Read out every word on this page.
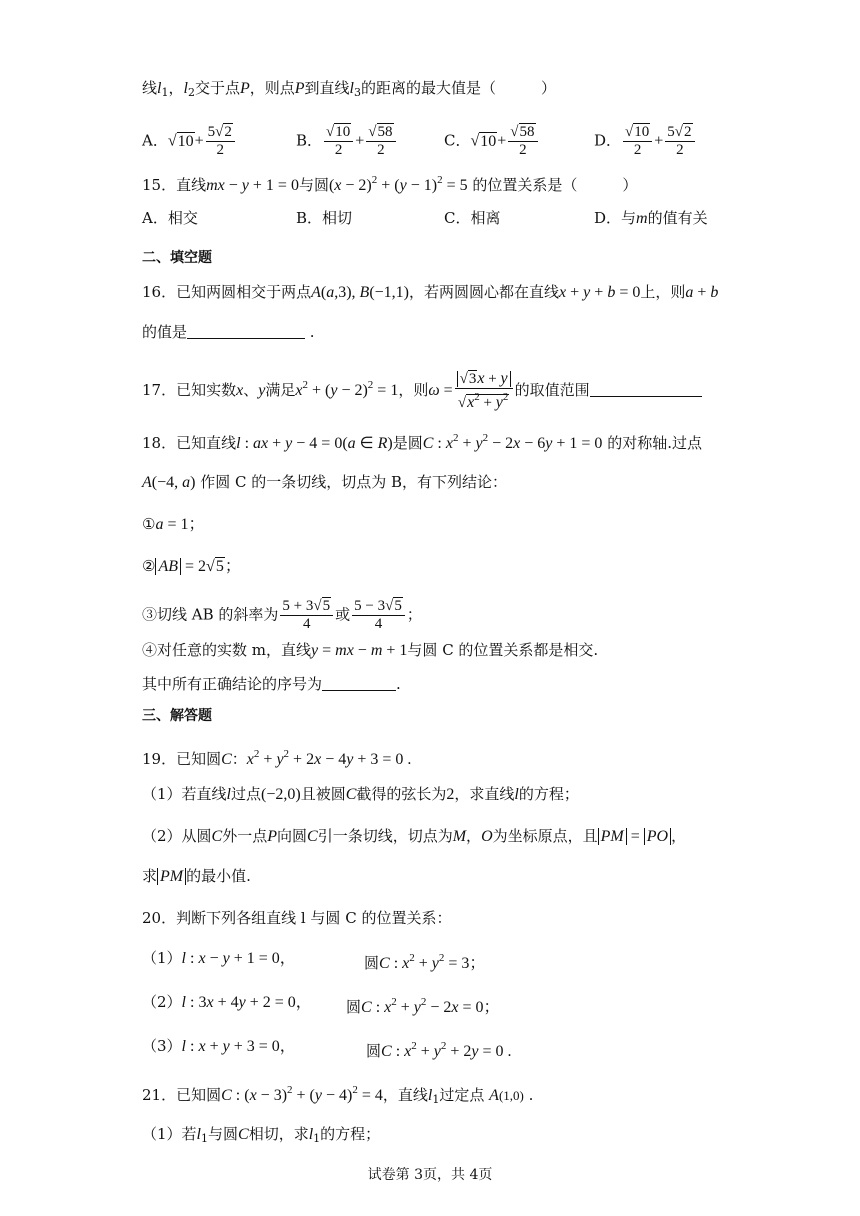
线$l_1$，$l_2$交于点P，则点P到直线$l_3$的距离的最大值是（　　　）
A．$√10+ \frac{5√2}{2}$	B． $\frac{√10}{2} + \frac{√58}{2}$	C．$√10+ \frac{√58}{2}$	D． $\frac{√10}{2} + \frac{5√2}{2}$
15．直线mx − y + 1 = 0与圆$(x - 2)^2 + (y - 1)^2 = 5$ 的位置关系是（　　　）
A．相交	B．相切	C．相离	D．与m的值有关
二、填空题
16．已知两圆相交于两点A(a,3), B(−1,1)，若两圆圆心都在直线x + y + b = 0上，则a + b
的值是	.
17．已知实数x、y满足$x^2 + (y - 2)^2 = 1$，则$\omega = \frac{√3x + y}{√x^2 + y^2}$ 的取值范围
18．已知直线l : ax + y − 4 = 0(a ∈ R)是圆C : $x^2 + y^2 - 2x - 6y + 1 = 0$ 的对称轴.过点
A(−4, a) 作圆 C 的一条切线，切点为 B，有下列结论：
①a = 1；
② AB = 2√5；
③切线 AB 的斜率为 $\frac{5 + 3√5}{4}$ 或 $\frac{5 - 3√5}{4}$ ；
④对任意的实数 m，直线y = mx − m + 1与圆 C 的位置关系都是相交.
其中所有正确结论的序号为	.
三、解答题
19．已知圆C：$x^2 + y^2 + 2x - 4y + 3 = 0$ .
（1）若直线l过点(−2,0)且被圆C截得的弦长为2，求直线l的方程；
（2）从圆C外一点P向圆C引一条切线，切点为M，O为坐标原点，且 PM = PO ，
求 PM 的最小值.
20．判断下列各组直线 l 与圆 C 的位置关系：
（1）l : x − y + 1 = 0，	圆C : $x^2 + y^2 = 3$；
（2）l : 3x + 4y + 2 = 0， 圆C : $x^2 + y^2 - 2x = 0$；
（3）l : x + y + 3 = 0，	圆C : $x^2 + y^2 + 2y = 0$ .
21．已知圆C : $(x - 3)^2 + (y - 4)^2 = 4$，直线$l_1$过定点 A(1,0) .
（1）若$l_1$与圆C相切，求$l_1$的方程；
试卷第 3页，共 4页
